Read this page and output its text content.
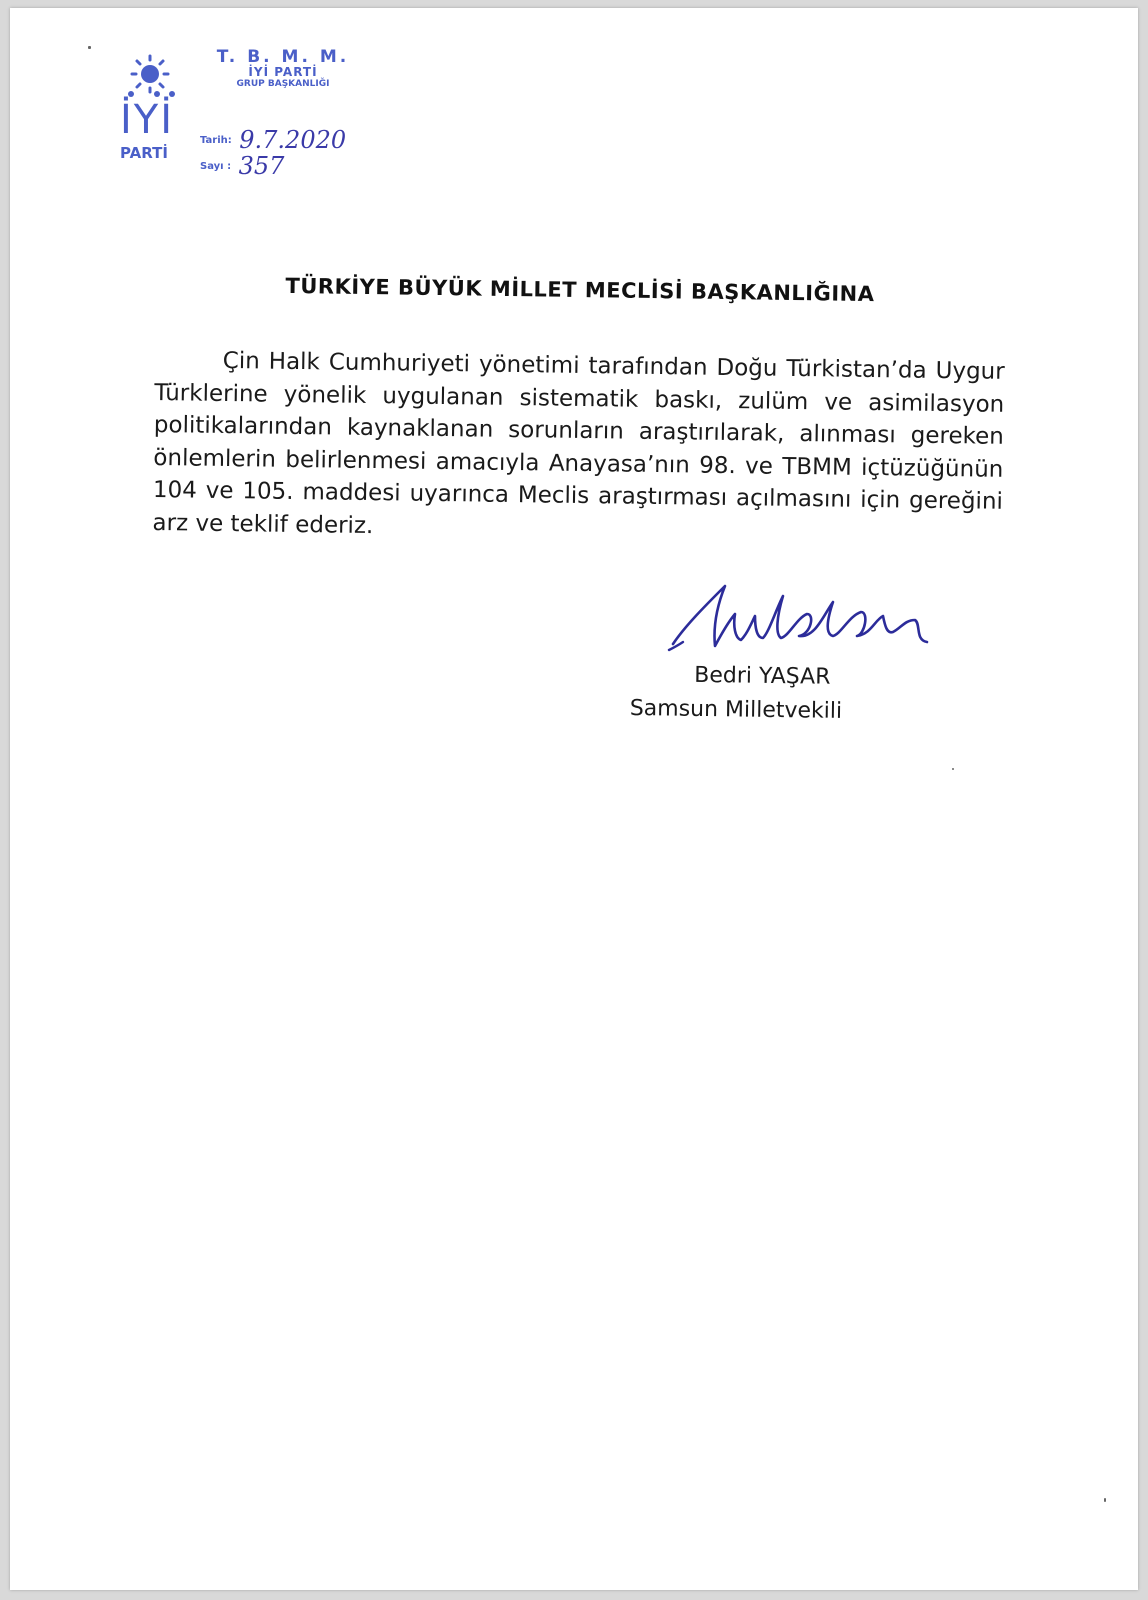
İYİ
PARTİ
T. B. M. M.
İYİ PARTİ
GRUP BAŞKANLIĞI
Tarih: 9.7.2020
Sayı : 357
TÜRKİYE BÜYÜK MİLLET MECLİSİ BAŞKANLIĞINA
Çin Halk Cumhuriyeti yönetimi tarafından Doğu Türkistan’da Uygur Türklerine yönelik uygulanan sistematik baskı, zulüm ve asimilasyon politikalarından kaynaklanan sorunların araştırılarak, alınması gereken önlemlerin belirlenmesi amacıyla Anayasa’nın 98. ve TBMM içtüzüğünün 104 ve 105. maddesi uyarınca Meclis araştırması açılmasını için gereğini arz ve teklif ederiz.
Bedri YAŞAR
Samsun Milletvekili
